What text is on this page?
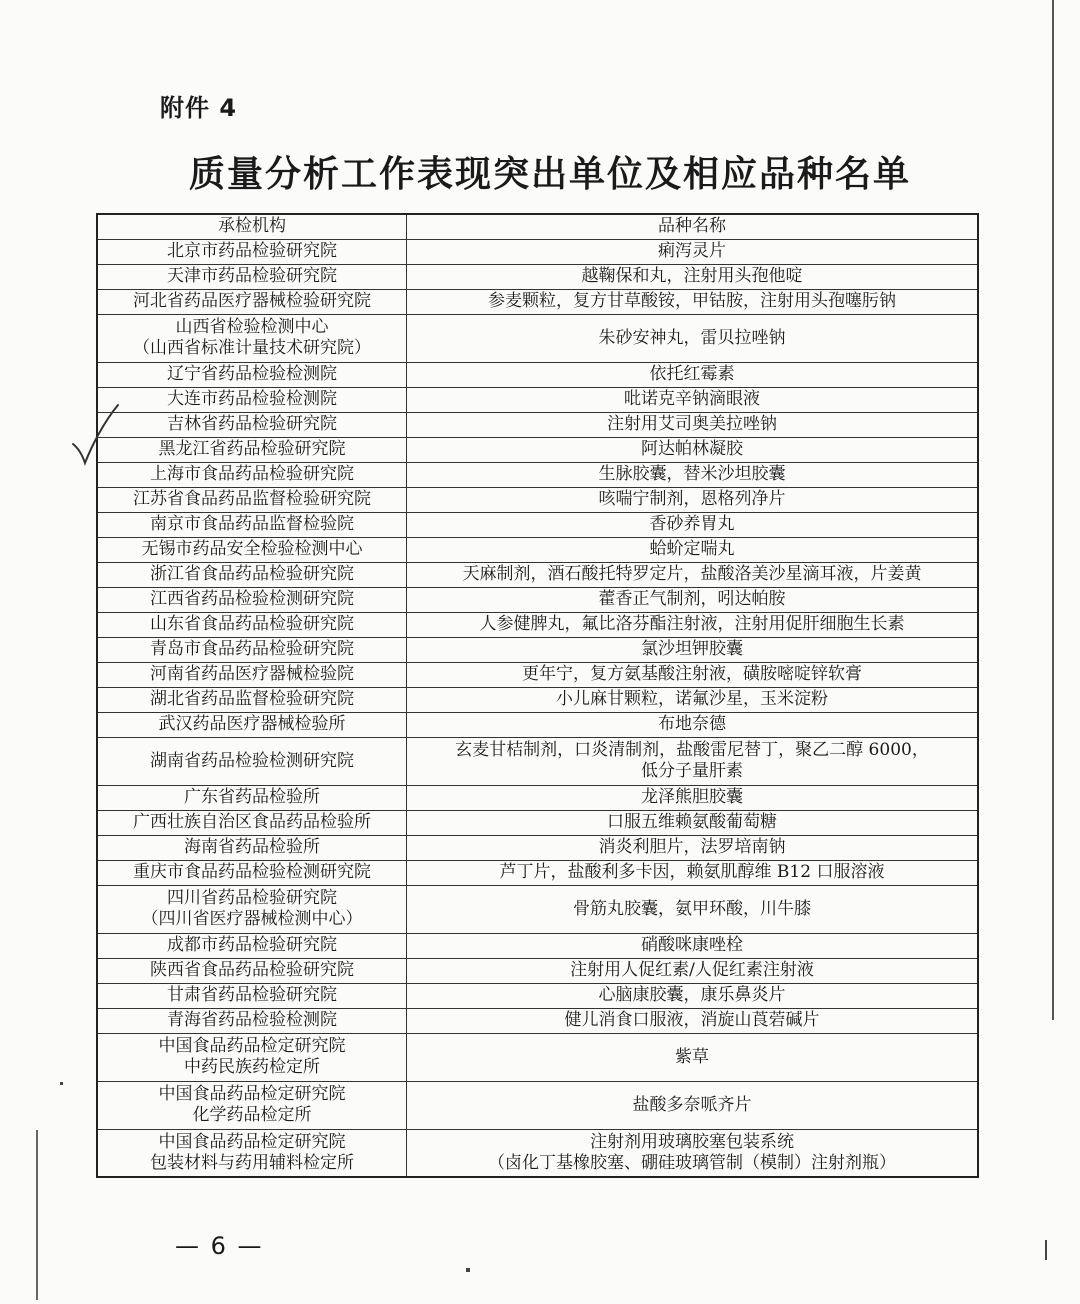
附件 4
质量分析工作表现突出单位及相应品种名单
承检机构	品种名称

北京市药品检验研究院	痢泻灵片

天津市药品检验研究院	越鞠保和丸，注射用头孢他啶

河北省药品医疗器械检验研究院	参麦颗粒，复方甘草酸铵，甲钴胺，注射用头孢噻肟钠

山西省检验检测中心
（山西省标准计量技术研究院）	朱砂安神丸，雷贝拉唑钠

辽宁省药品检验检测院	依托红霉素

大连市药品检验检测院	吡诺克辛钠滴眼液

吉林省药品检验研究院	注射用艾司奥美拉唑钠

黑龙江省药品检验研究院	阿达帕林凝胶

上海市食品药品检验研究院	生脉胶囊，替米沙坦胶囊

江苏省食品药品监督检验研究院	咳喘宁制剂，恩格列净片

南京市食品药品监督检验院	香砂养胃丸

无锡市药品安全检验检测中心	蛤蚧定喘丸

浙江省食品药品检验研究院	天麻制剂，酒石酸托特罗定片，盐酸洛美沙星滴耳液，片姜黄

江西省药品检验检测研究院	藿香正气制剂，吲达帕胺

山东省食品药品检验研究院	人参健脾丸，氟比洛芬酯注射液，注射用促肝细胞生长素

青岛市食品药品检验研究院	氯沙坦钾胶囊

河南省药品医疗器械检验院	更年宁，复方氨基酸注射液，磺胺嘧啶锌软膏

湖北省药品监督检验研究院	小儿麻甘颗粒，诺氟沙星，玉米淀粉

武汉药品医疗器械检验所	布地奈德

湖南省药品检验检测研究院	玄麦甘桔制剂，口炎清制剂，盐酸雷尼替丁，聚乙二醇 6000，
低分子量肝素

广东省药品检验所	龙泽熊胆胶囊

广西壮族自治区食品药品检验所	口服五维赖氨酸葡萄糖

海南省药品检验所	消炎利胆片，法罗培南钠

重庆市食品药品检验检测研究院	芦丁片，盐酸利多卡因，赖氨肌醇维 B12 口服溶液

四川省药品检验研究院
（四川省医疗器械检测中心）	骨筋丸胶囊，氨甲环酸，川牛膝

成都市药品检验研究院	硝酸咪康唑栓

陕西省食品药品检验研究院	注射用人促红素/人促红素注射液

甘肃省药品检验研究院	心脑康胶囊，康乐鼻炎片

青海省药品检验检测院	健儿消食口服液，消旋山莨菪碱片

中国食品药品检定研究院
中药民族药检定所	紫草

中国食品药品检定研究院
化学药品检定所	盐酸多奈哌齐片

中国食品药品检定研究院
包装材料与药用辅料检定所	注射剂用玻璃胶塞包装系统
（卤化丁基橡胶塞、硼硅玻璃管制（模制）注射剂瓶）
— 6 —
